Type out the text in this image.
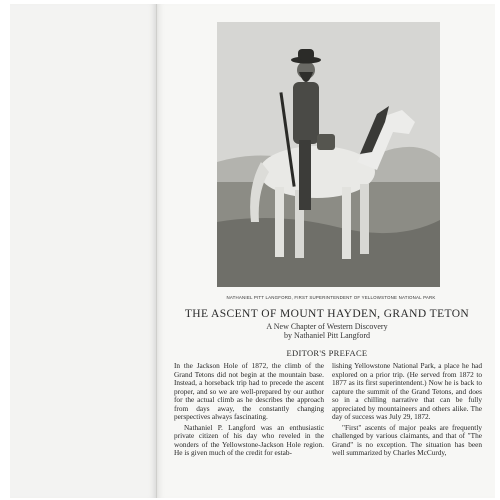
NATHANIEL PITT LANGFORD, FIRST SUPERINTENDENT OF YELLOWSTONE NATIONAL PARK
THE ASCENT OF MOUNT HAYDEN, GRAND TETON
A New Chapter of Western Discovery
by Nathaniel Pitt Langford
EDITOR'S PREFACE

In the Jackson Hole of 1872, the climb of the Grand Tetons did not begin at the mountain base. Instead, a horseback trip had to precede the ascent proper, and so we are well-prepared by our author for the actual climb as he describes the approach from days away, the constantly changing perspectives always fascinating.

Nathaniel P. Langford was an enthusiastic private citizen of his day who reveled in the wonders of the Yellowstone-Jackson Hole region. He is given much of the credit for estab-

lishing Yellowstone National Park, a place he had explored on a prior trip. (He served from 1872 to 1877 as its first superintendent.) Now he is back to capture the summit of the Grand Tetons, and does so in a chilling narrative that can be fully appreciated by mountaineers and others alike. The day of success was July 29, 1872.

"First" ascents of major peaks are frequently challenged by various claimants, and that of "The Grand" is no exception. The situation has been well summarized by Charles McCurdy,
